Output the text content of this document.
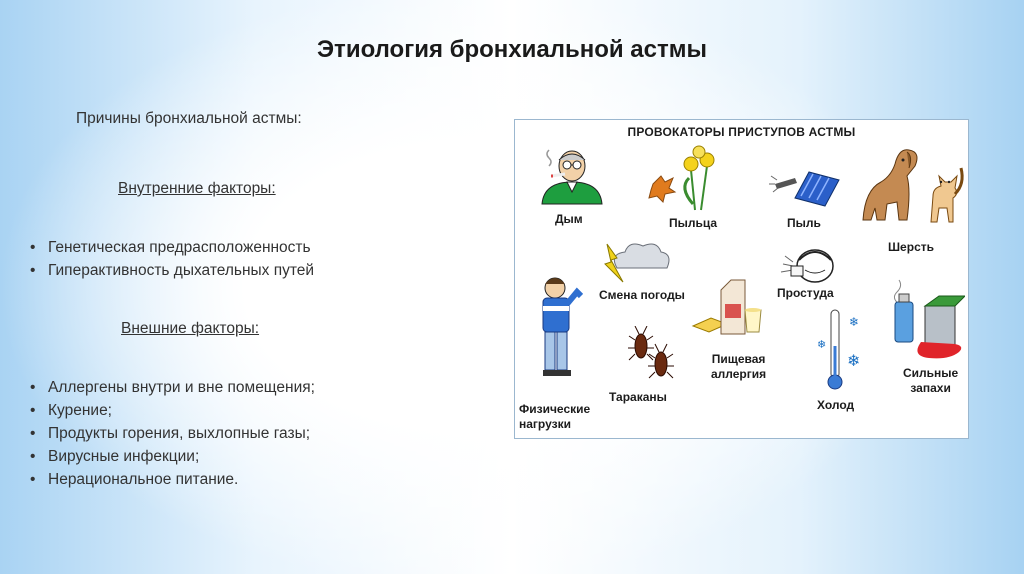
Этиология бронхиальной астмы
Причины бронхиальной астмы:
Внутренние факторы:
• Генетическая предрасположенность
• Гиперактивность дыхательных путей
Внешние факторы:
• Аллергены внутри и вне помещения;
• Курение;
• Продукты горения, выхлопные газы;
• Вирусные инфекции;
• Нерациональное питание.
ПРОВОКАТОРЫ ПРИСТУПОВ АСТМЫ
Дым	Пыльца	Пыль
Шерсть
Смена погоды	Простуда
Физические
нагрузки
Тараканы
Пищевая
аллергия
❄
❄
❄
Холод
Сильные
запахи
